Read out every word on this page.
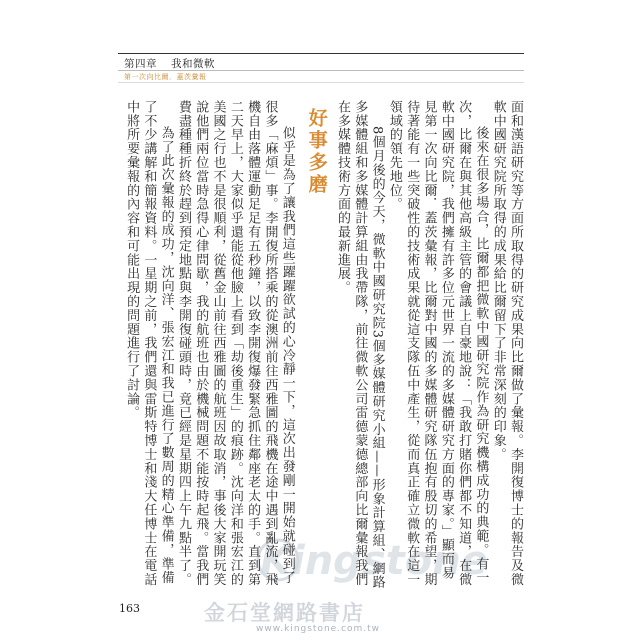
第四章 我和微軟
第一次向比爾．蓋茨彙報
Kingstone	面和漢語研究等方面所取得的研究成果向比爾做了彙報。李開復博士的報告及微軟中國研究院所取得的成果給比爾留下了非常深刻的印象。

後來在很多場合，比爾都把微軟中國研究院作為研究機構成功的典範。有一次，比爾在與其他高級主管的會議上自豪地說：「我敢打賭你們都不知道，在微軟中國研究院，我們擁有許多位元世界一流的多媒體研究方面的專家。」顯而易見第一次向比爾．蓋茨彙報，比爾對中國的多媒體研究隊伍抱有殷切的希望，期待著能有一些突破性的技術成果就從這支隊伍中產生，從而真正確立微軟在這一領域的領先地位。

8個月後的今天，微軟中國研究院3個多媒體研究小組——形象計算組、網路多媒體組和多媒體計算組由我帶隊，前往微軟公司雷德蒙德總部向比爾彙報我們在多媒體技術方面的最新進展。

好事多磨

似乎是為了讓我們這些躍躍欲試的心冷靜一下，這次出發剛一開始就碰到了很多「麻煩」事。李開復所搭乘的從澳洲前往西雅圖的飛機在途中遇到亂流，飛機自由落體運動足足有五秒鐘，以致李開復爆發緊急抓住鄰座老太的手。直到第二天早上，大家似乎還能從他臉上看到「劫後重生」的痕跡。沈向洋和張宏江的美國之行也不是很順利，從舊金山前往西雅圖的航班因故取消，事後大家開玩笑說他們兩位當時急得心律問歇，我的航班也由於機械問題不能按時起飛。當我們費盡種種折終於趕到預定地點與李開復碰頭時，竟已經是星期四上午九點半了。

為了此次彙報的成功，沈向洋、張宏江和我已進行了數周的精心準備，準備了不少講解和簡報資料。一星期之前，我們還與雷斯特博士和淺大任博士在電話中將所要彙報的內容和可能出現的問題進行了討論。

163	金石堂網路書店
www.kingstone.com.tw
